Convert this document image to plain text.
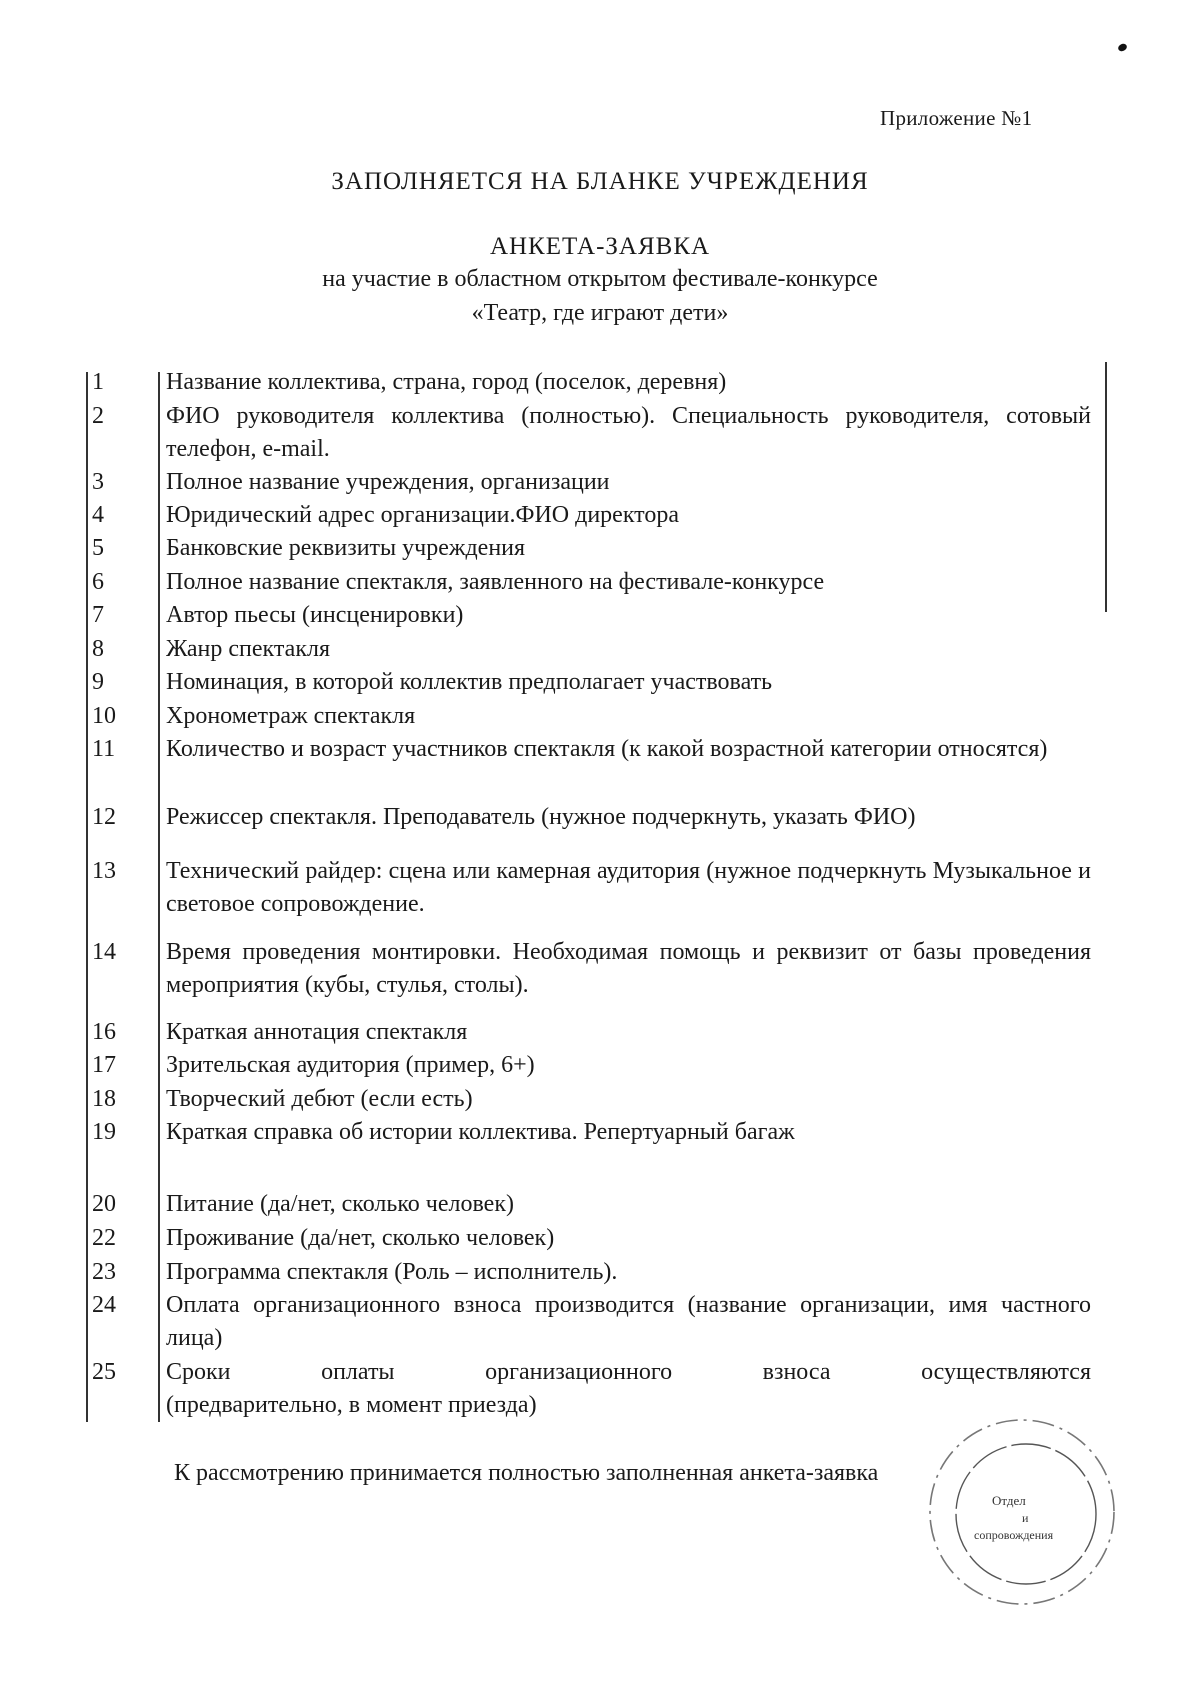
Приложение №1
ЗАПОЛНЯЕТСЯ НА БЛАНКЕ УЧРЕЖДЕНИЯ
АНКЕТА-ЗАЯВКА
на участие в областном открытом фестивале-конкурсе
«Театр, где играют дети»
1	Название коллектива, страна, город (поселок, деревня)
2	ФИО руководителя коллектива (полностью). Специальность руководителя, сотовый телефон, e-mail.
3	Полное название учреждения, организации
4	Юридический адрес организации.ФИО директора
5	Банковские реквизиты учреждения
6	Полное название спектакля, заявленного на фестивале-конкурсе
7	Автор пьесы (инсценировки)
8	Жанр спектакля
9	Номинация, в которой коллектив предполагает участвовать
10	Хронометраж спектакля
11	Количество и возраст участников спектакля (к какой возрастной категории относятся)
12	Режиссер спектакля. Преподаватель (нужное подчеркнуть, указать ФИО)
13	Технический райдер: сцена или камерная аудитория (нужное подчеркнуть Музыкальное и световое сопровождение.
14	Время проведения монтировки. Необходимая помощь и реквизит от базы проведения мероприятия (кубы, стулья, столы).
16	Краткая аннотация спектакля
17	Зрительская аудитория (пример, 6+)
18	Творческий дебют (если есть)
19	Краткая справка об истории коллектива. Репертуарный багаж
20	Питание (да/нет, сколько человек)
22	Проживание (да/нет, сколько человек)
23	Программа спектакля (Роль – исполнитель).
24	Оплата организационного взноса производится (название организации, имя частного лица)
25	Сроки оплаты организационного взноса осуществляются
(предварительно, в момент приезда)
К рассмотрению принимается полностью заполненная анкета-заявка
Отдел
и
сопровождения
